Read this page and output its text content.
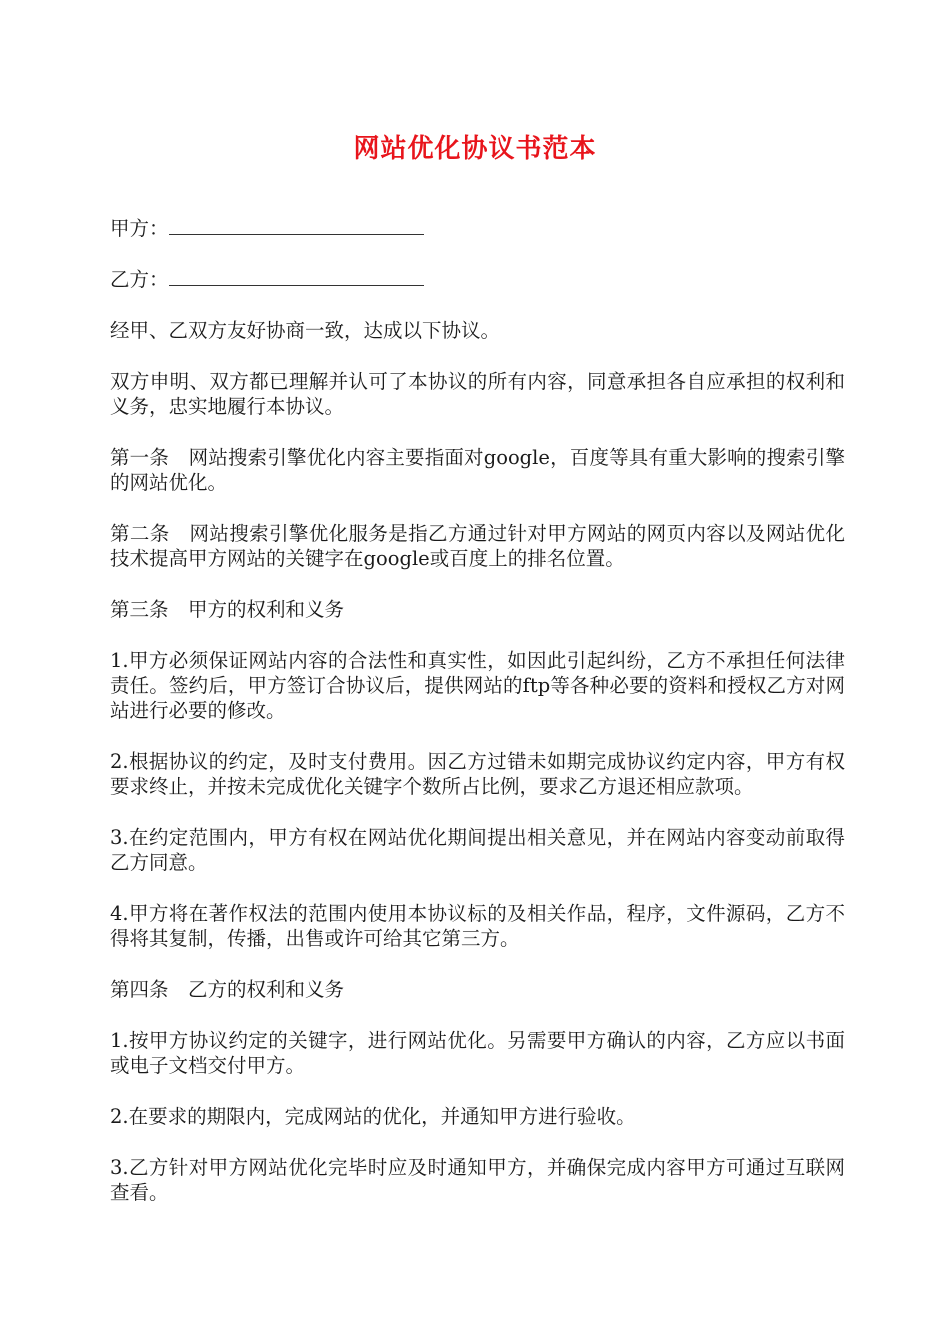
网站优化协议书范本

甲方：

乙方：

经甲、乙双方友好协商一致，达成以下协议。

双方申明、双方都已理解并认可了本协议的所有内容，同意承担各自应承担的权利和义务，忠实地履行本协议。

第一条　网站搜索引擎优化内容主要指面对google，百度等具有重大影响的搜索引擎的网站优化。

第二条　网站搜索引擎优化服务是指乙方通过针对甲方网站的网页内容以及网站优化技术提高甲方网站的关键字在google或百度上的排名位置。

第三条　甲方的权利和义务

1.甲方必须保证网站内容的合法性和真实性，如因此引起纠纷，乙方不承担任何法律责任。签约后，甲方签订合协议后，提供网站的ftp等各种必要的资料和授权乙方对网站进行必要的修改。

2.根据协议的约定，及时支付费用。因乙方过错未如期完成协议约定内容，甲方有权要求终止，并按未完成优化关键字个数所占比例，要求乙方退还相应款项。

3.在约定范围内，甲方有权在网站优化期间提出相关意见，并在网站内容变动前取得乙方同意。

4.甲方将在著作权法的范围内使用本协议标的及相关作品，程序，文件源码，乙方不得将其复制，传播，出售或许可给其它第三方。

第四条　乙方的权利和义务

1.按甲方协议约定的关键字，进行网站优化。另需要甲方确认的内容，乙方应以书面或电子文档交付甲方。

2.在要求的期限内，完成网站的优化，并通知甲方进行验收。

3.乙方针对甲方网站优化完毕时应及时通知甲方，并确保完成内容甲方可通过互联网查看。
